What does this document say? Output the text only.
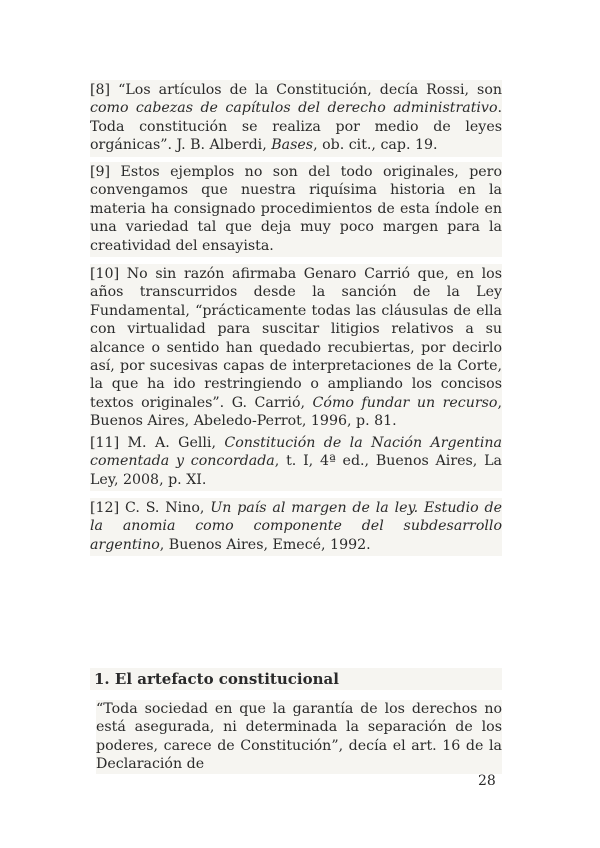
[8] “Los artículos de la Constitución, decía Rossi, son como cabezas de capítulos del derecho administrativo. Toda constitución se realiza por medio de leyes orgánicas”. J. B. Alberdi, Bases, ob. cit., cap. 19.
[9] Estos ejemplos no son del todo originales, pero convengamos que nuestra riquísima historia en la materia ha consignado procedimientos de esta índole en una variedad tal que deja muy poco margen para la creatividad del ensayista.
[10] No sin razón afirmaba Genaro Carrió que, en los años transcurridos desde la sanción de la Ley Fundamental, “prácticamente todas las cláusulas de ella con virtualidad para suscitar litigios relativos a su alcance o sentido han quedado recubiertas, por decirlo así, por sucesivas capas de interpretaciones de la Corte, la que ha ido restringiendo o ampliando los concisos textos originales”. G. Carrió, Cómo fundar un recurso, Buenos Aires, Abeledo-Perrot, 1996, p. 81.
[11] M. A. Gelli, Constitución de la Nación Argentina comentada y concordada, t. I, 4ª ed., Buenos Aires, La Ley, 2008, p. XI.
[12] C. S. Nino, Un país al margen de la ley. Estudio de la anomia como componente del subdesarrollo argentino, Buenos Aires, Emecé, 1992.
1. El artefacto constitucional
“Toda sociedad en que la garantía de los derechos no está asegurada, ni determinada la separación de los poderes, carece de Constitución”, decía el art. 16 de la Declaración de
28
